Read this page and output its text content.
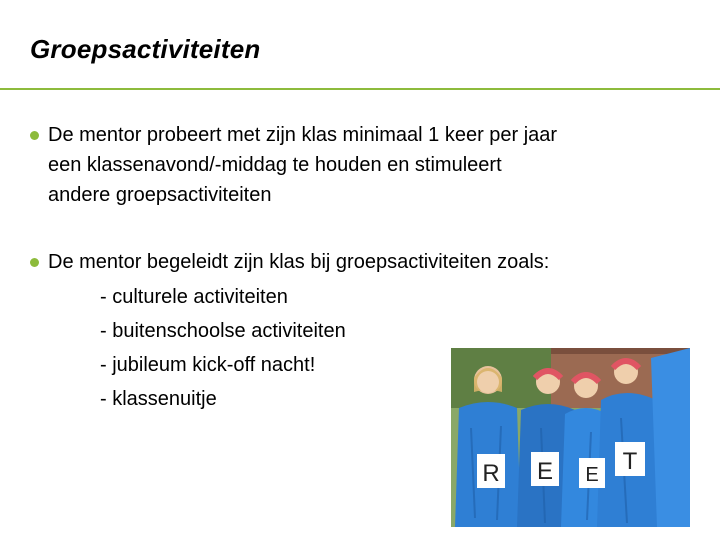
Groepsactiviteiten
De mentor probeert met zijn klas minimaal 1 keer per jaar
een klassenavond/-middag te houden en stimuleert
andere groepsactiviteiten
De mentor begeleidt zijn klas bij groepsactiviteiten zoals:
- culturele activiteiten
- buitenschoolse activiteiten
- jubileum kick-off nacht!
- klassenuitje
R E E T
